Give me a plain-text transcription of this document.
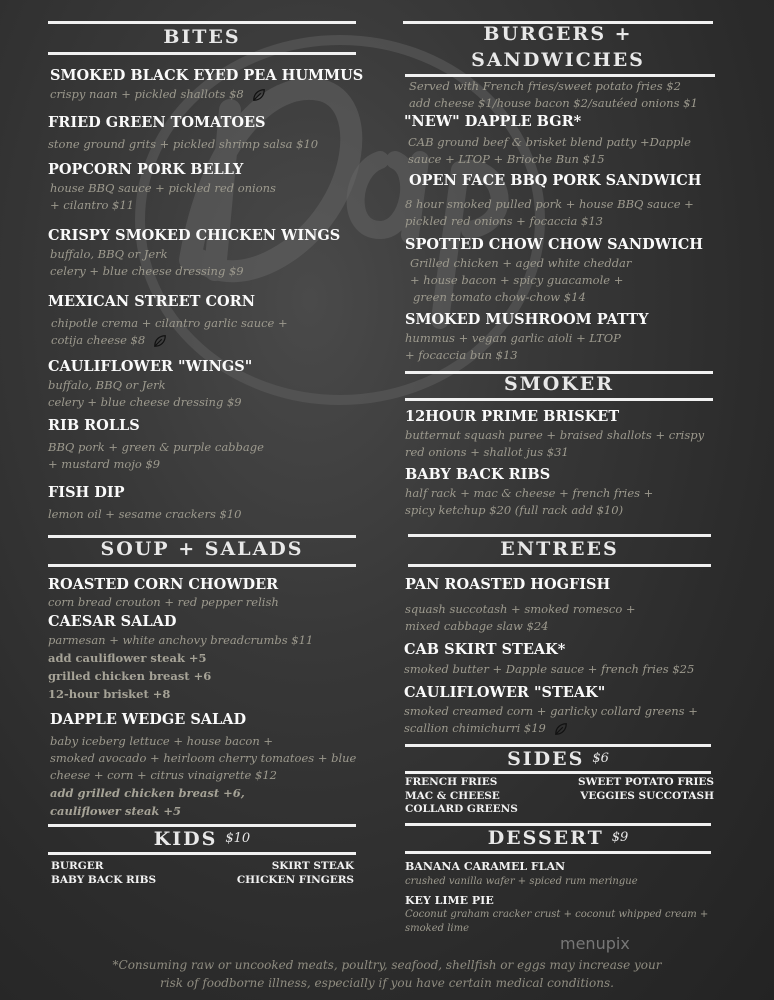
BITES
SMOKED BLACK EYED PEA HUMMUS
crispy naan + pickled shallots $8
FRIED GREEN TOMATOES
stone ground grits + pickled shrimp salsa $10
POPCORN PORK BELLY
house BBQ sauce + pickled red onions
+ cilantro $11
CRISPY SMOKED CHICKEN WINGS
buffalo, BBQ or Jerk
celery + blue cheese dressing $9
MEXICAN STREET CORN
chipotle crema + cilantro garlic sauce +
cotija cheese $8
CAULIFLOWER "WINGS"
buffalo, BBQ or Jerk
celery + blue cheese dressing $9
RIB ROLLS
BBQ pork + green & purple cabbage
+ mustard mojo $9
FISH DIP
lemon oil + sesame crackers $10
SOUP + SALADS
ROASTED CORN CHOWDER
corn bread crouton + red pepper relish
CAESAR SALAD
parmesan + white anchovy breadcrumbs $11
add cauliflower steak +5
grilled chicken breast +6
12-hour brisket +8
DAPPLE WEDGE SALAD
baby iceberg lettuce + house bacon +
smoked avocado + heirloom cherry tomatoes + blue
cheese + corn + citrus vinaigrette $12
add grilled chicken breast +6,
cauliflower steak +5
KIDS $^{\$10}$
BURGER
BABY BACK RIBS
SKIRT STEAK
CHICKEN FINGERS
BURGERS +
SANDWICHES
Served with French fries/sweet potato fries $2
add cheese $1/house bacon $2/sautéed onions $1
"NEW" DAPPLE BGR*
CAB ground beef & brisket blend patty +Dapple
sauce + LTOP + Brioche Bun $15
OPEN FACE BBQ PORK SANDWICH
8 hour smoked pulled pork + house BBQ sauce +
pickled red onions + focaccia $13
SPOTTED CHOW CHOW SANDWICH
Grilled chicken + aged white cheddar
+ house bacon + spicy guacamole +
green tomato chow-chow $14
SMOKED MUSHROOM PATTY
hummus + vegan garlic aioli + LTOP
+ focaccia bun $13
SMOKER
12HOUR PRIME BRISKET
butternut squash puree + braised shallots + crispy
red onions + shallot jus $31
BABY BACK RIBS
half rack + mac & cheese + french fries +
spicy ketchup $20 (full rack add $10)
ENTREES
PAN ROASTED HOGFISH
squash succotash + smoked romesco +
mixed cabbage slaw $24
CAB SKIRT STEAK*
smoked butter + Dapple sauce + french fries $25
CAULIFLOWER "STEAK"
smoked creamed corn + garlicky collard greens +
scallion chimichurri $19
SIDES $^{\$6}$
FRENCH FRIES
MAC & CHEESE
COLLARD GREENS
SWEET POTATO FRIES
VEGGIES SUCCOTASH
DESSERT $^{\$9}$
BANANA CARAMEL FLAN
crushed vanilla wafer + spiced rum meringue
KEY LIME PIE
Coconut graham cracker crust + coconut whipped cream +
smoked lime
menupix
*Consuming raw or uncooked meats, poultry, seafood, shellfish or eggs may increase your
risk of foodborne illness, especially if you have certain medical conditions.
